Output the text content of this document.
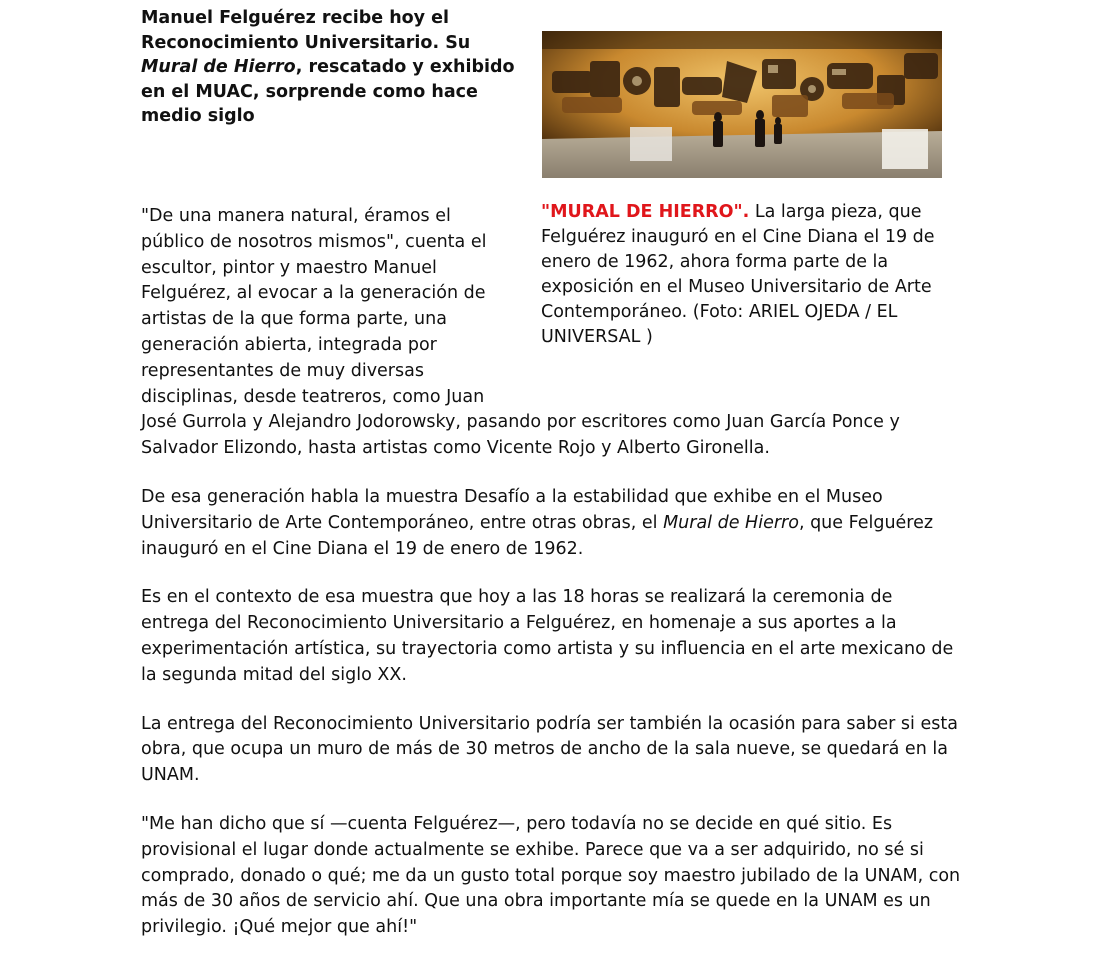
Manuel Felguérez recibe hoy el Reconocimiento Universitario. Su Mural de Hierro, rescatado y exhibido en el MUAC, sorprende como hace medio siglo
"MURAL DE HIERRO". La larga pieza, que Felguérez inauguró en el Cine Diana el 19 de enero de 1962, ahora forma parte de la exposición en el Museo Universitario de Arte Contemporáneo. (Foto: ARIEL OJEDA / EL UNIVERSAL )

"De una manera natural, éramos el público de nosotros mismos", cuenta el escultor, pintor y maestro Manuel Felguérez, al evocar a la generación de artistas de la que forma parte, una generación abierta, integrada por representantes de muy diversas disciplinas, desde teatreros, como Juan José Gurrola y Alejandro Jodorowsky, pasando por escritores como Juan García Ponce y Salvador Elizondo, hasta artistas como Vicente Rojo y Alberto Gironella.

De esa generación habla la muestra Desafío a la estabilidad que exhibe en el Museo Universitario de Arte Contemporáneo, entre otras obras, el Mural de Hierro, que Felguérez inauguró en el Cine Diana el 19 de enero de 1962.

Es en el contexto de esa muestra que hoy a las 18 horas se realizará la ceremonia de entrega del Reconocimiento Universitario a Felguérez, en homenaje a sus aportes a la experimentación artística, su trayectoria como artista y su influencia en el arte mexicano de la segunda mitad del siglo XX.

La entrega del Reconocimiento Universitario podría ser también la ocasión para saber si esta obra, que ocupa un muro de más de 30 metros de ancho de la sala nueve, se quedará en la UNAM.

"Me han dicho que sí —cuenta Felguérez—, pero todavía no se decide en qué sitio. Es provisional el lugar donde actualmente se exhibe. Parece que va a ser adquirido, no sé si comprado, donado o qué; me da un gusto total porque soy maestro jubilado de la UNAM, con más de 30 años de servicio ahí. Que una obra importante mía se quede en la UNAM es un privilegio. ¡Qué mejor que ahí!"
